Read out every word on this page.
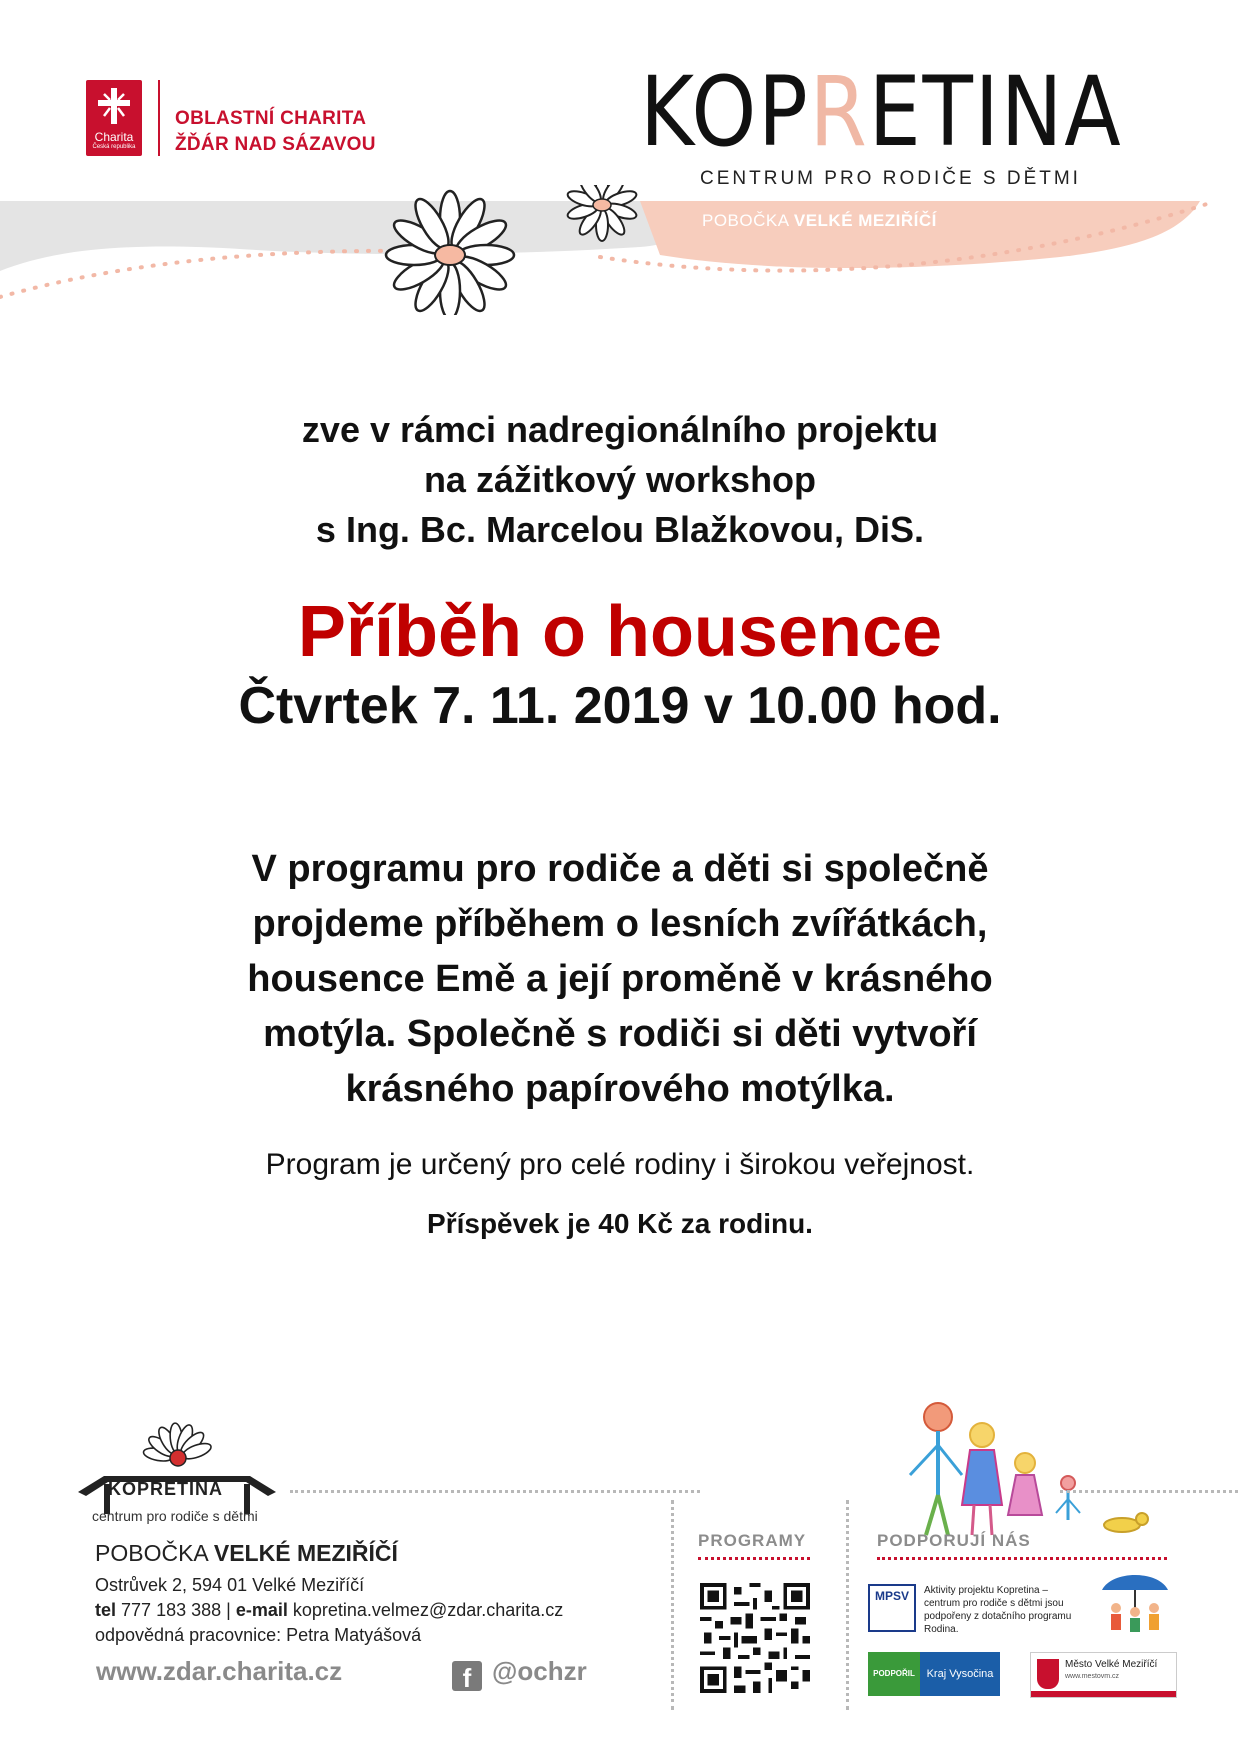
Charita
Česká republika
OBLASTNÍ CHARITA
ŽĎÁR NAD SÁZAVOU	KOPRETINA
CENTRUM PRO RODIČE S DĚTMI
POBOČKA VELKÉ MEZIŘÍČÍ
zve v rámci nadregionálního projektu
na zážitkový workshop
s Ing. Bc. Marcelou Blažkovou, DiS.
Příběh o housence
Čtvrtek 7. 11. 2019 v 10.00 hod.
V programu pro rodiče a děti si společně
projdeme příběhem o lesních zvířátkách,
housence Emě a její proměně v krásného
motýla. Společně s rodiči si děti vytvoří
krásného papírového motýlka.
Program je určený pro celé rodiny i širokou veřejnost.
Příspěvek je 40 Kč za rodinu.
KOPRETINA
centrum pro rodiče s dětmi
POBOČKA VELKÉ MEZIŘÍČÍ
Ostrůvek 2, 594 01 Velké Meziříčí
tel 777 183 388 | e-mail kopretina.velmez@zdar.charita.cz
odpovědná pracovnice: Petra Matyášová
www.zdar.charita.cz	f @ochzr
PROGRAMY	PODPORUJÍ NÁS
MPSV	Aktivity projektu Kopretina – centrum pro rodiče s dětmi jsou podpořeny z dotačního programu Rodina.
PODPOŘIL	Kraj Vysočina
Město Velké Meziříčí
www.mestovm.cz
